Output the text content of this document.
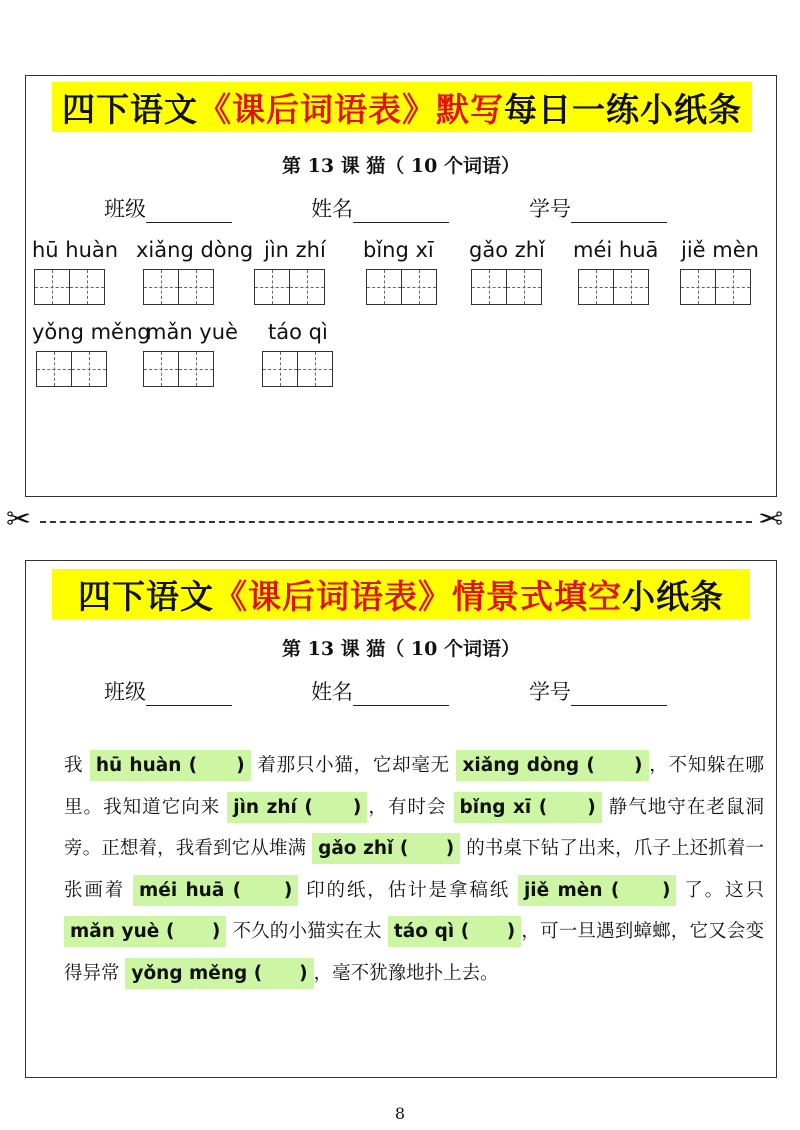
四下语文 《课后词语表》默写 每日一练小纸条
第 13 课 猫（ 10 个词语）
班级	姓名	学号
hū huàn xiǎng dòng jìn zhí bǐng xī gǎo zhǐ méi huā jiě mèn
yǒng měng
mǎn yuè táo qì
✂	✂
四下语文 《课后词语表》情景式填空 小纸条
第 13 课 猫（ 10 个词语）
班级	姓名	学号
我 hū huàn (　　) 着那只小猫，它却毫无 xiǎng dòng (　　) ，不知躲在哪里。我知道它向来 jìn zhí (　　) ，有时会 bǐng xī (　　) 静气地守在老鼠洞旁。正想着，我看到它从堆满 gǎo zhǐ (　　) 的书桌下钻了出来，爪子上还抓着一张画着 méi huā (　　) 印的纸，估计是拿稿纸 jiě mèn (　　) 了。这只 mǎn yuè (　　) 不久的小猫实在太 táo qì (　　) ，可一旦遇到蟑螂，它又会变得异常 yǒng měng (　　) ，毫不犹豫地扑上去。
8
